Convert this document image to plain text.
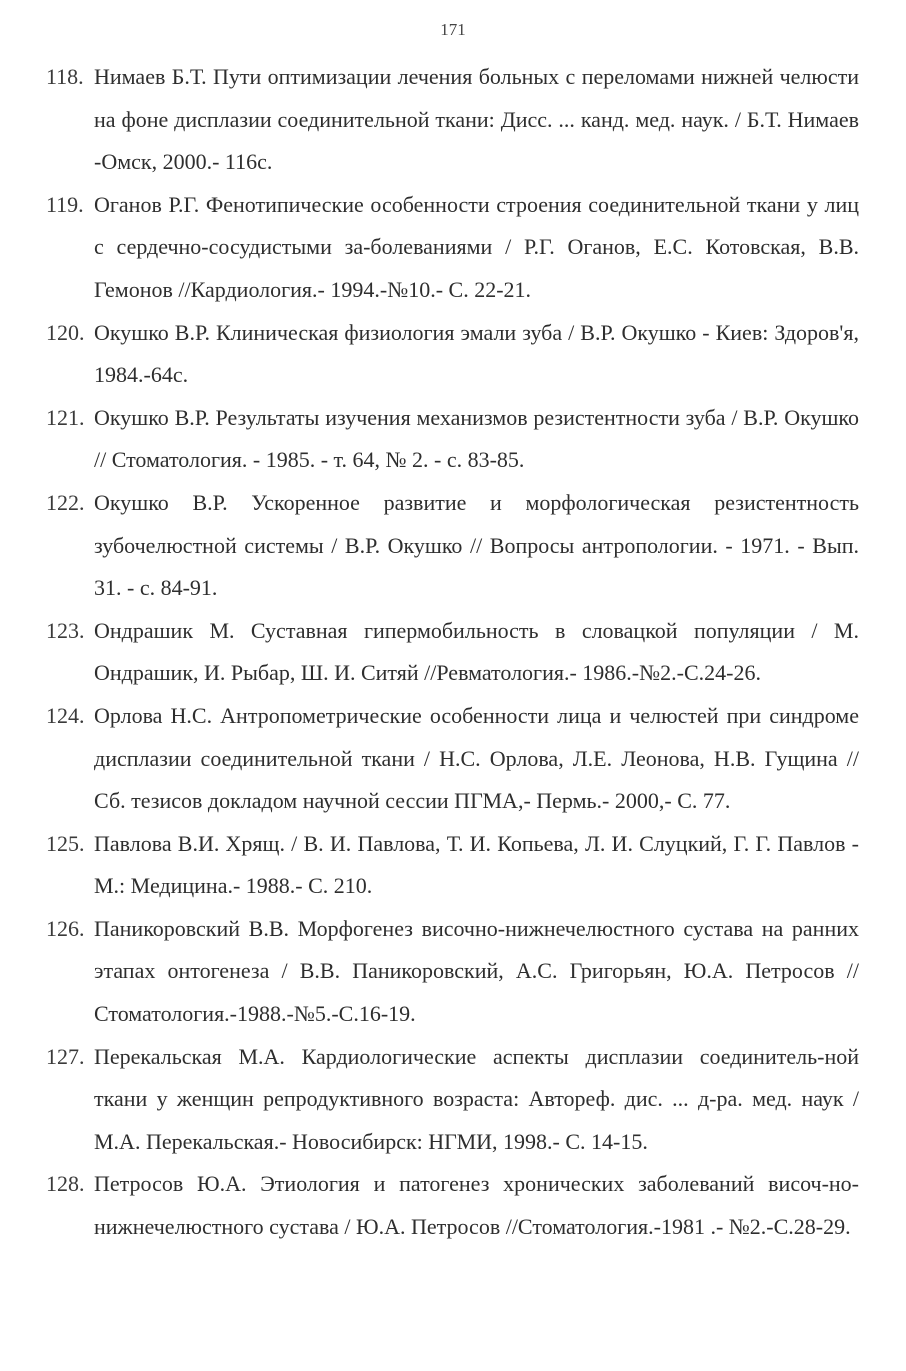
171
118. Нимаев Б.Т. Пути оптимизации лечения больных с переломами нижней челюсти на фоне дисплазии соединительной ткани: Дисс. ... канд. мед. наук. / Б.Т. Нимаев -Омск, 2000.- 116с.
119. Оганов Р.Г. Фенотипические особенности строения соединительной ткани у лиц с сердечно-сосудистыми за-болеваниями / Р.Г. Оганов, Е.С. Котовская, В.В. Гемонов //Кардиология.- 1994.-№10.- С. 22-21.
120. Окушко В.Р. Клиническая физиология эмали зуба / В.Р. Окушко - Киев: Здоров'я, 1984.-64с.
121. Окушко В.Р. Результаты изучения механизмов резистентности зуба / В.Р. Окушко // Стоматология. - 1985. - т. 64, № 2. - с. 83-85.
122. Окушко В.Р. Ускоренное развитие и морфологическая резистентность зубочелюстной системы / В.Р. Окушко // Вопросы антропологии. - 1971. - Вып. 31. - с. 84-91.
123. Ондрашик М. Суставная гипермобильность в словацкой популяции / М. Ондрашик, И. Рыбар, Ш. И. Ситяй //Ревматология.- 1986.-№2.-С.24-26.
124. Орлова Н.С. Антропометрические особенности лица и челюстей при синдроме дисплазии соединительной ткани / Н.С. Орлова, Л.Е. Леонова, Н.В. Гущина // Сб. тезисов докладом научной сессии ПГМА,- Пермь.- 2000,- С. 77.
125. Павлова В.И. Хрящ. / В. И. Павлова, Т. И. Копьева, Л. И. Слуцкий, Г. Г. Павлов - М.: Медицина.- 1988.- С. 210.
126. Паникоровский В.В. Морфогенез височно-нижнечелюстного сустава на ранних этапах онтогенеза / В.В. Паникоровский, А.С. Григорьян, Ю.А. Петросов //Стоматология.-1988.-№5.-С.16-19.
127. Перекальская М.А. Кардиологические аспекты дисплазии соединитель-ной ткани у женщин репродуктивного возраста: Автореф. дис. ... д-ра. мед. наук / М.А. Перекальская.- Новосибирск: НГМИ, 1998.- С. 14-15.
128. Петросов Ю.А. Этиология и патогенез хронических заболеваний височ-но-нижнечелюстного сустава / Ю.А. Петросов //Стоматология.-1981 .- №2.-С.28-29.
